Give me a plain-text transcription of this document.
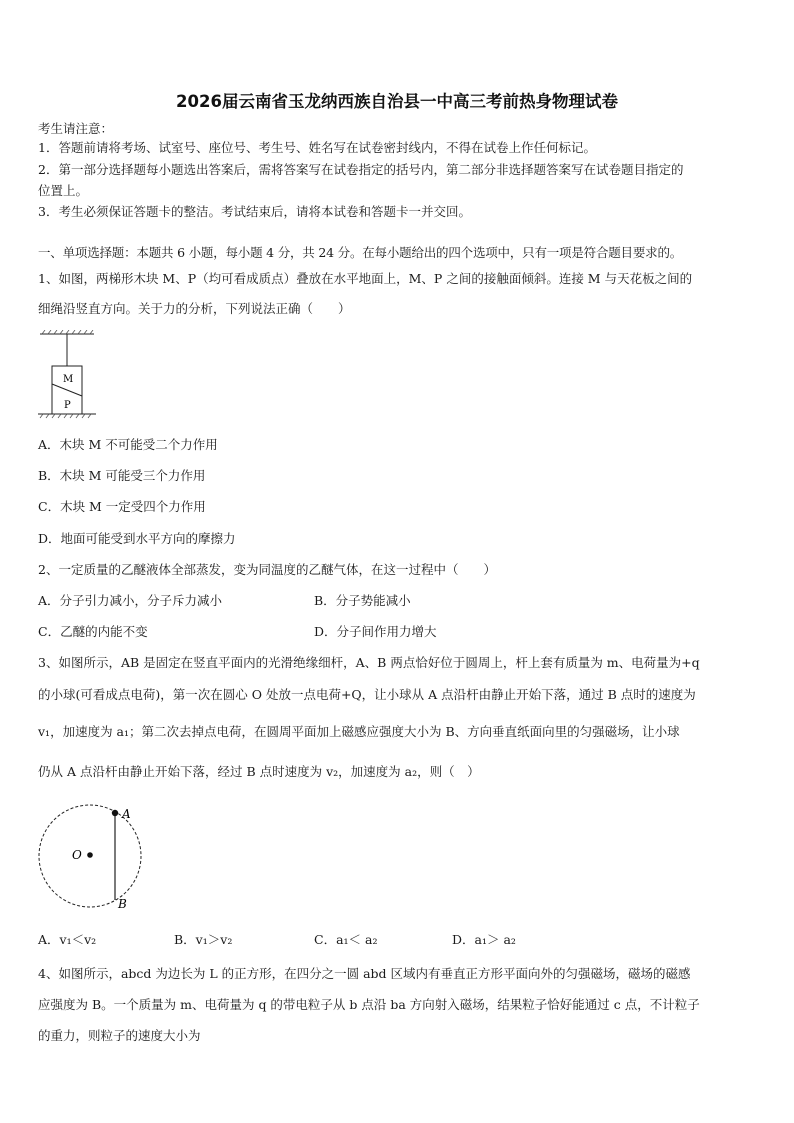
2026届云南省玉龙纳西族自治县一中高三考前热身物理试卷
考生请注意：
1．答题前请将考场、试室号、座位号、考生号、姓名写在试卷密封线内，不得在试卷上作任何标记。
2．第一部分选择题每小题选出答案后，需将答案写在试卷指定的括号内，第二部分非选择题答案写在试卷题目指定的
位置上。
3．考生必须保证答题卡的整洁。考试结束后，请将本试卷和答题卡一并交回。
一、单项选择题：本题共 6 小题，每小题 4 分，共 24 分。在每小题给出的四个选项中，只有一项是符合题目要求的。
1、如图，两梯形木块 M、P（均可看成质点）叠放在水平地面上，M、P 之间的接触面倾斜。连接 M 与天花板之间的
细绳沿竖直方向。关于力的分析，下列说法正确（　　）
M
P
A．木块 M 不可能受二个力作用
B．木块 M 可能受三个力作用
C．木块 M 一定受四个力作用
D．地面可能受到水平方向的摩擦力
2、一定质量的乙醚液体全部蒸发，变为同温度的乙醚气体，在这一过程中（　　）
A．分子引力减小，分子斥力减小	B．分子势能减小
C．乙醚的内能不变	D．分子间作用力增大
3、如图所示，AB 是固定在竖直平面内的光滑绝缘细杆，A、B 两点恰好位于圆周上，杆上套有质量为 m、电荷量为+q
的小球(可看成点电荷)，第一次在圆心 O 处放一点电荷+Q，让小球从 A 点沿杆由静止开始下落，通过 B 点时的速度为
v₁，加速度为 a₁；第二次去掉点电荷，在圆周平面加上磁感应强度大小为 B、方向垂直纸面向里的匀强磁场，让小球
仍从 A 点沿杆由静止开始下落，经过 B 点时速度为 v₂，加速度为 a₂，则（　）
A
O
B
A．v₁＜v₂	B．v₁＞v₂	C．a₁＜ a₂	D．a₁＞ a₂
4、如图所示，abcd 为边长为 L 的正方形，在四分之一圆 abd 区域内有垂直正方形平面向外的匀强磁场，磁场的磁感
应强度为 B。一个质量为 m、电荷量为 q 的带电粒子从 b 点沿 ba 方向射入磁场，结果粒子恰好能通过 c 点，不计粒子
的重力，则粒子的速度大小为
